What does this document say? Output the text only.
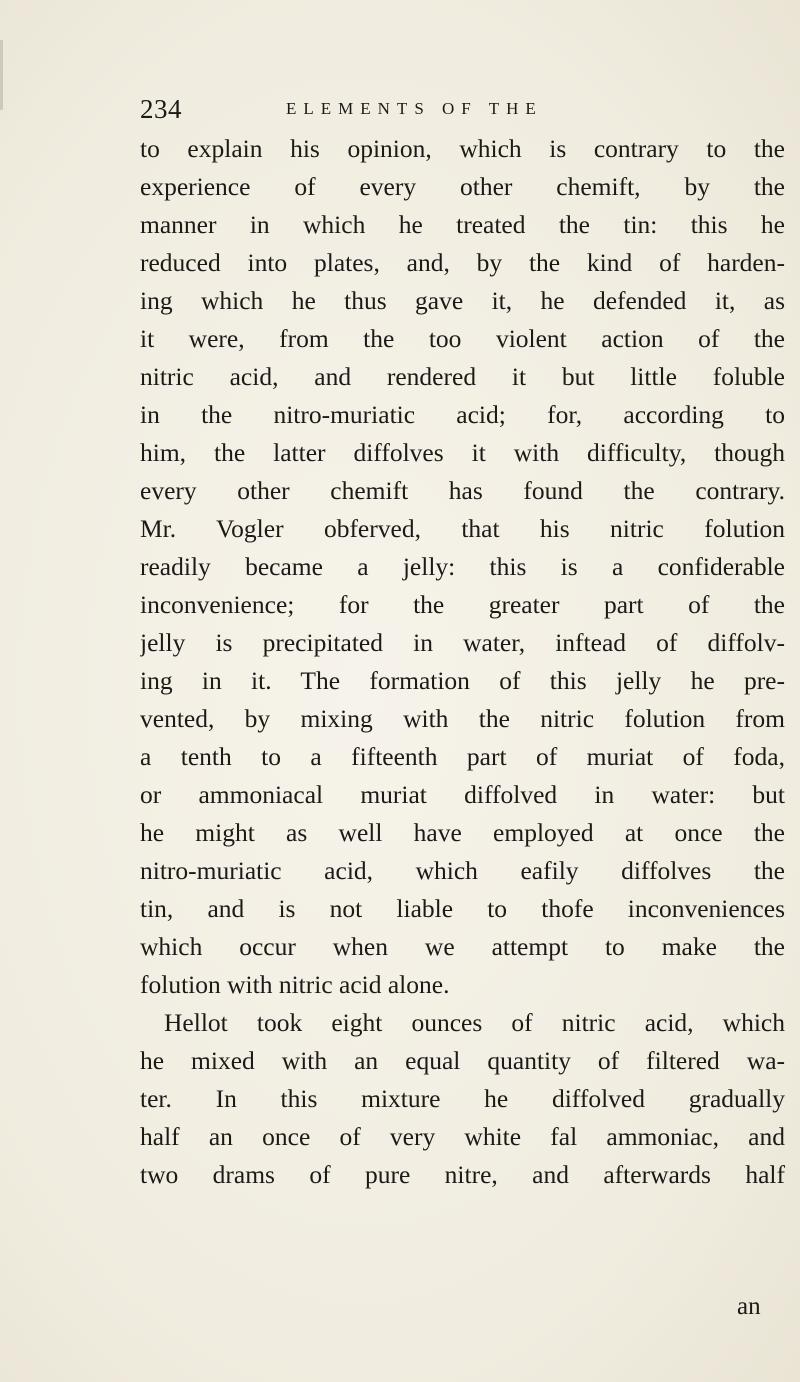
234	ELEMENTS OF THE
to explain his opinion, which is contrary to the
experience of every other chemift, by the
manner in which he treated the tin: this he
reduced into plates, and, by the kind of harden-
ing which he thus gave it, he defended it, as
it were, from the too violent action of the
nitric acid, and rendered it but little foluble
in the nitro-muriatic acid; for, according to
him, the latter diffolves it with difficulty, though
every other chemift has found the contrary.
Mr. Vogler obferved, that his nitric folution
readily became a jelly: this is a confiderable
inconvenience; for the greater part of the
jelly is precipitated in water, inftead of diffolv-
ing in it. The formation of this jelly he pre-
vented, by mixing with the nitric folution from
a tenth to a fifteenth part of muriat of foda,
or ammoniacal muriat diffolved in water: but
he might as well have employed at once the
nitro-muriatic acid, which eafily diffolves the
tin, and is not liable to thofe inconveniences
which occur when we attempt to make the
folution with nitric acid alone.
Hellot took eight ounces of nitric acid, which
he mixed with an equal quantity of filtered wa-
ter. In this mixture he diffolved gradually
half an once of very white fal ammoniac, and
two drams of pure nitre, and afterwards half
an
